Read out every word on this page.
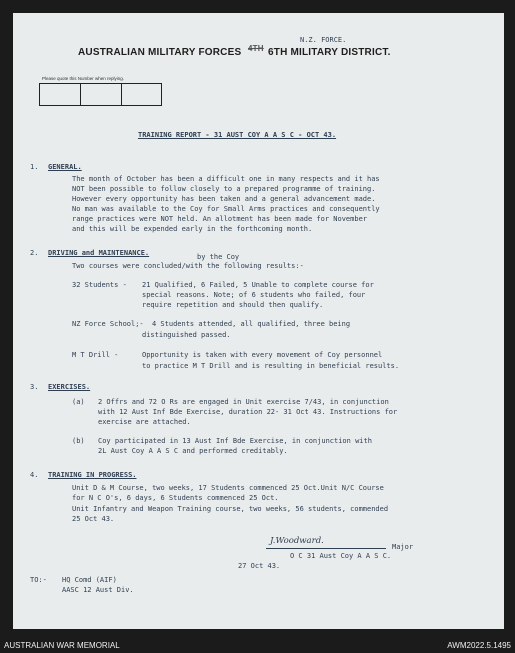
N.Z. FORCE.
AUSTRALIAN MILITARY FORCES 4TH 6TH MILITARY DISTRICT.
Please quote this Number when replying.
TRAINING REPORT - 31 AUST COY A A S C - OCT 43.
1. GENERAL.
The month of October has been a difficult one in many respects and it has
NOT been possible to follow closely to a prepared programme of training.
However every opportunity has been taken and a general advancement made.
No man was available to the Coy for Small Arms practices and consequently
range practices were NOT held. An allotment has been made for November
and this will be expended early in the forthcoming month.
2. DRIVING and MAINTENANCE.	by the Coy
Two courses were concluded/with the following results:-
32 Students - 21 Qualified, 6 Failed, 5 Unable to complete course for
special reasons. Note; of 6 students who failed, four
require repetition and should then qualify.
NZ Force School;- 4 Students attended, all qualified, three being
distinguished passed.
M T Drill -	Opportunity is taken with every movement of Coy personnel
to practice M T Drill and is resulting in beneficial results.
3. EXERCISES.
(a) 2 Offrs and 72 O Rs are engaged in Unit exercise 7/43, in conjunction
with 12 Aust Inf Bde Exercise, duration 22- 31 Oct 43. Instructions for
exercise are attached.
(b) Coy participated in 13 Aust Inf Bde Exercise, in conjunction with
2L Aust Coy A A S C and performed creditably.
4. TRAINING IN PROGRESS.
Unit D & M Course, two weeks, 17 Students commenced 25 Oct.Unit N/C Course
for N C O's, 6 days, 6 Students commenced 25 Oct.
Unit Infantry and Weapon Training course, two weeks, 56 students, commended
25 Oct 43.
J.Woodward.
Major
O C 31 Aust Coy A A S C.
27 Oct 43.
TO:- HQ Comd (AIF)
AASC 12 Aust Div.
AUSTRALIAN WAR MEMORIAL	AWM2022.5.1495
